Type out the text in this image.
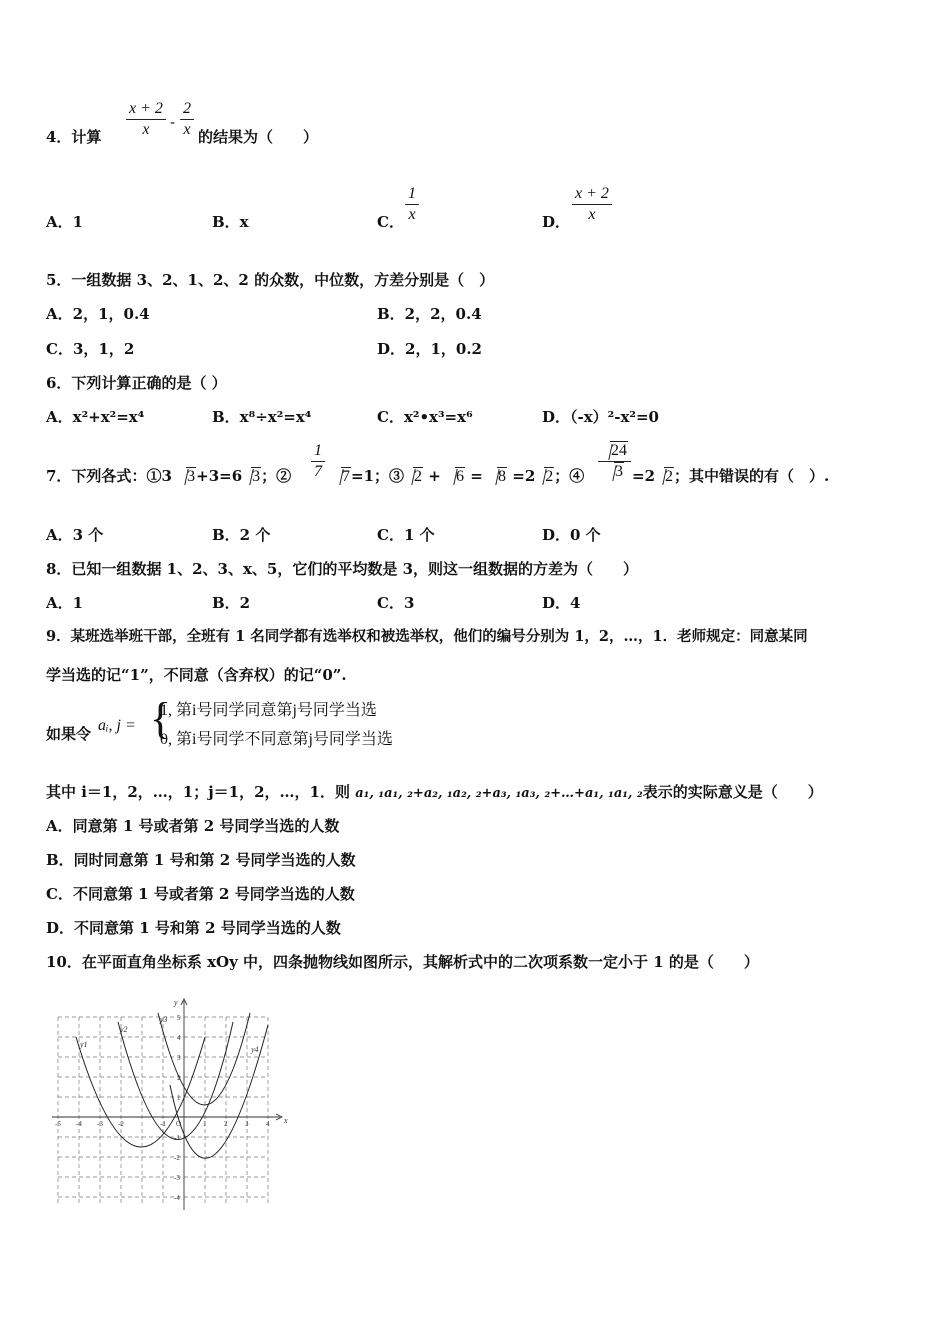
4．计算
x + 2
x	-
2
x 的结果为（　　）
A．1	B．x	C．
1
x	D．
x + 2
x
5．一组数据 3、2、1、2、2 的众数，中位数，方差分别是（　）
A．2，1，0.4	B．2，2，0.4
C．3，1，2	D．2，1，0.2
6．下列计算正确的是（ ）
A．x²+x²=x⁴	B．x⁸÷x²=x⁴	C．x²•x³=x⁶	D．（-x）²-x²=0
7．下列各式：①3 3+3=6 3；②
1
7	7=1；③ 2 + 6 = 8 =2 2；④
24
3 =2 2；其中错误的有（　）.
A．3 个	B．2 个	C．1 个	D．0 个
8．已知一组数据 1、2、3、x、5，它们的平均数是 3，则这一组数据的方差为（　　）
A．1	B．2	C．3	D．4
9．某班选举班干部，全班有 1 名同学都有选举权和被选举权，他们的编号分别为 1，2，…，1．老师规定：同意某同
学当选的记“1”，不同意（含弃权）的记“0”.
如果令 aᵢ, j = {
1, 第i号同学同意第j号同学当选
0, 第i号同学不同意第j号同学当选
其中 i＝1，2，…，1；j＝1，2，…，1．则 a₁, ₁a₁, ₂+a₂, ₁a₂, ₂+a₃, ₁a₃, ₂+…+a₁, ₁a₁, ₂表示的实际意义是（　　）
A．同意第 1 号或者第 2 号同学当选的人数
B．同时同意第 1 号和第 2 号同学当选的人数
C．不同意第 1 号或者第 2 号同学当选的人数
D．不同意第 1 号和第 2 号同学当选的人数
10．在平面直角坐标系 xOy 中，四条抛物线如图所示，其解析式中的二次项系数一定小于 1 的是（　　）
x
y
-5 -4 -3 -2	-1 O	1	2	3	4
5
4
3
2
1
-1
-2
-3
-4
y1
y2
y3
y4
